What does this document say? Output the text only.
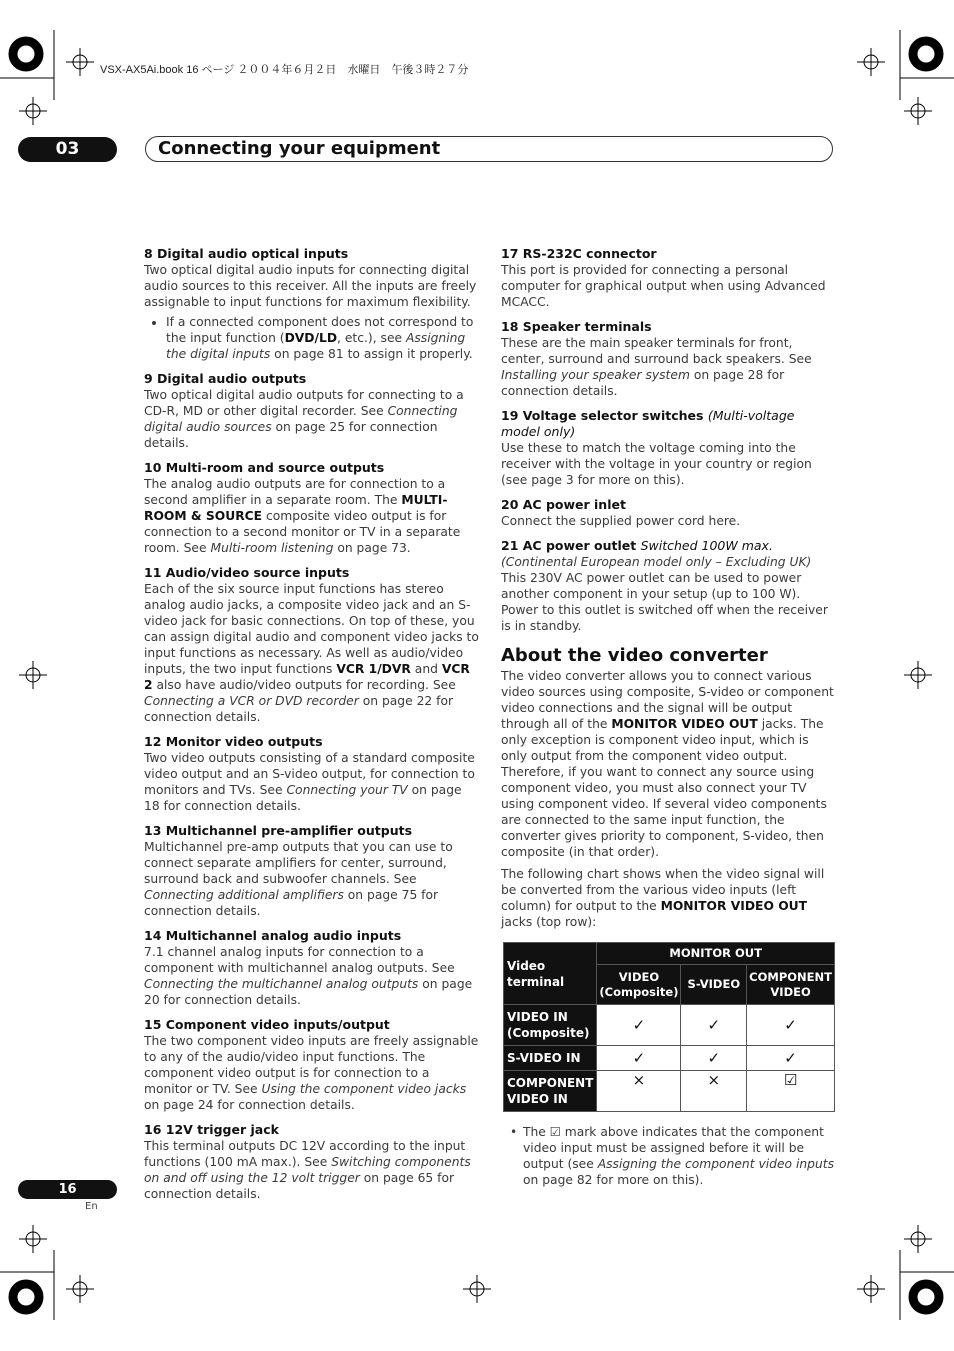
VSX-AX5Ai.book 16 ページ ２００４年６月２日　水曜日　午後３時２７分
03	Connecting your equipment
8 Digital audio optical inputs

Two optical digital audio inputs for connecting digital audio sources to this receiver. All the inputs are freely assignable to input functions for maximum flexibility.

• If a connected component does not correspond to the input function (DVD/LD, etc.), see Assigning the digital inputs on page 81 to assign it properly.
9 Digital audio outputs

Two optical digital audio outputs for connecting to a CD-R, MD or other digital recorder. See Connecting digital audio sources on page 25 for connection details.

10 Multi-room and source outputs

The analog audio outputs are for connection to a second amplifier in a separate room. The MULTI-ROOM & SOURCE composite video output is for connection to a second monitor or TV in a separate room. See Multi-room listening on page 73.

11 Audio/video source inputs

Each of the six source input functions has stereo analog audio jacks, a composite video jack and an S-video jack for basic connections. On top of these, you can assign digital audio and component video jacks to input functions as necessary. As well as audio/video inputs, the two input functions VCR 1/DVR and VCR 2 also have audio/video outputs for recording. See Connecting a VCR or DVD recorder on page 22 for connection details.

12 Monitor video outputs

Two video outputs consisting of a standard composite video output and an S-video output, for connection to monitors and TVs. See Connecting your TV on page 18 for connection details.

13 Multichannel pre-amplifier outputs

Multichannel pre-amp outputs that you can use to connect separate amplifiers for center, surround, surround back and subwoofer channels. See Connecting additional amplifiers on page 75 for connection details.

14 Multichannel analog audio inputs

7.1 channel analog inputs for connection to a component with multichannel analog outputs. See Connecting the multichannel analog outputs on page 20 for connection details.

15 Component video inputs/output

The two component video inputs are freely assignable to any of the audio/video input functions. The component video output is for connection to a monitor or TV. See Using the component video jacks on page 24 for connection details.

16 12V trigger jack

This terminal outputs DC 12V according to the input functions (100 mA max.). See Switching components on and off using the 12 volt trigger on page 65 for connection details.

17 RS-232C connector

This port is provided for connecting a personal computer for graphical output when using Advanced MCACC.

18 Speaker terminals

These are the main speaker terminals for front, center, surround and surround back speakers. See Installing your speaker system on page 28 for connection details.

19 Voltage selector switches (Multi-voltage model only)

Use these to match the voltage coming into the receiver with the voltage in your country or region (see page 3 for more on this).

20 AC power inlet

Connect the supplied power cord here.

21 AC power outlet Switched 100W max.

(Continental European model only – Excluding UK)

This 230V AC power outlet can be used to power another component in your setup (up to 100 W). Power to this outlet is switched off when the receiver is in standby.

About the video converter

The video converter allows you to connect various video sources using composite, S-video or component video connections and the signal will be output through all of the MONITOR VIDEO OUT jacks. The only exception is component video input, which is only output from the component video output. Therefore, if you want to connect any source using component video, you must also connect your TV using component video. If several video components are connected to the same input function, the converter gives priority to component, S-video, then composite (in that order).

The following chart shows when the video signal will be converted from the various video inputs (left column) for output to the MONITOR VIDEO OUT jacks (top row):

Video terminal	MONITOR OUT		
	VIDEO (Composite)	S-VIDEO	COMPONENT VIDEO
VIDEO IN (Composite)	✓	✓	✓
S-VIDEO IN	✓	✓	✓
COMPONENT VIDEO IN	×	×	☑
• The ☑ mark above indicates that the component video input must be assigned before it will be output (see Assigning the component video inputs on page 82 for more on this).
16
En
